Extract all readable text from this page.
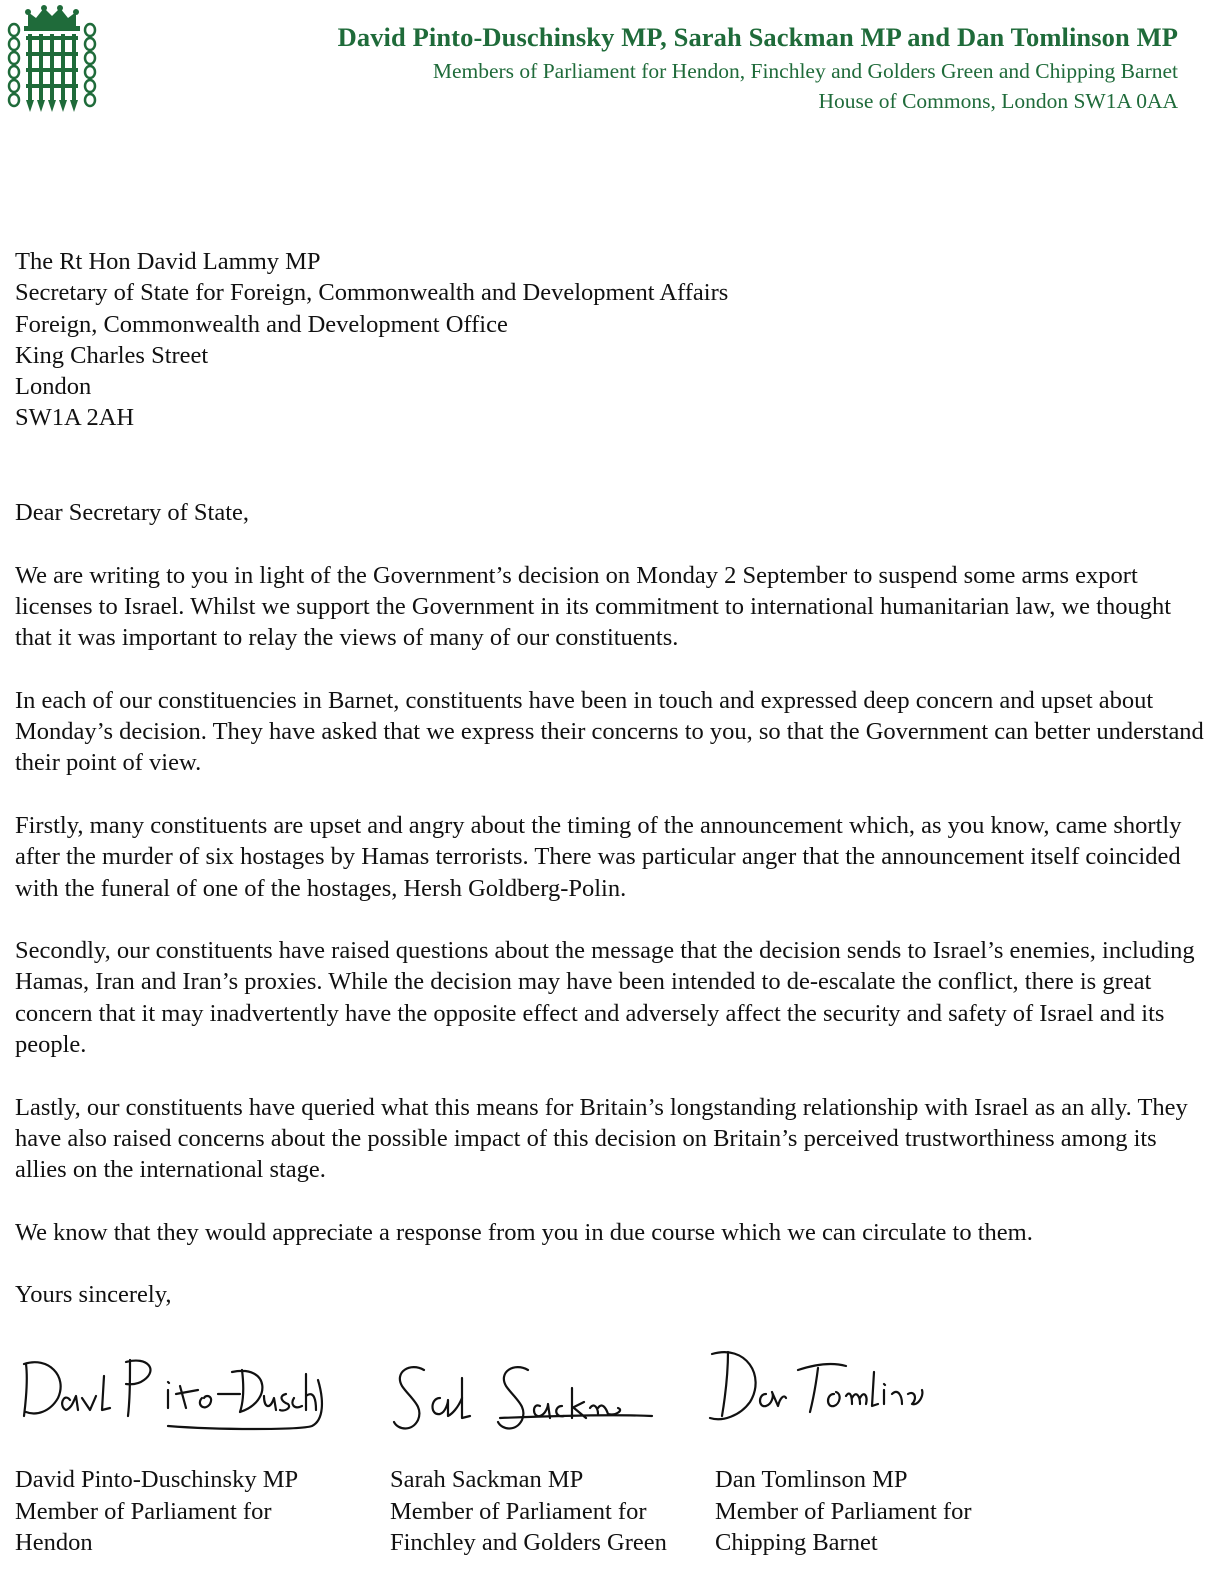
David Pinto-Duschinsky MP, Sarah Sackman MP and Dan Tomlinson MP
Members of Parliament for Hendon, Finchley and Golders Green and Chipping Barnet
House of Commons, London SW1A 0AA
The Rt Hon David Lammy MP
Secretary of State for Foreign, Commonwealth and Development Affairs
Foreign, Commonwealth and Development Office
King Charles Street
London
SW1A 2AH

Dear Secretary of State,

We are writing to you in light of the Government’s decision on Monday 2 September to suspend some arms export licenses to Israel. Whilst we support the Government in its commitment to international humanitarian law, we thought that it was important to relay the views of many of our constituents.

In each of our constituencies in Barnet, constituents have been in touch and expressed deep concern and upset about Monday’s decision. They have asked that we express their concerns to you, so that the Government can better understand their point of view.

Firstly, many constituents are upset and angry about the timing of the announcement which, as you know, came shortly after the murder of six hostages by Hamas terrorists. There was particular anger that the announcement itself coincided with the funeral of one of the hostages, Hersh Goldberg-Polin.

Secondly, our constituents have raised questions about the message that the decision sends to Israel’s enemies, including Hamas, Iran and Iran’s proxies. While the decision may have been intended to de-escalate the conflict, there is great concern that it may inadvertently have the opposite effect and adversely affect the security and safety of Israel and its people.

Lastly, our constituents have queried what this means for Britain’s longstanding relationship with Israel as an ally. They have also raised concerns about the possible impact of this decision on Britain’s perceived trustworthiness among its allies on the international stage.

We know that they would appreciate a response from you in due course which we can circulate to them.

Yours sincerely,

David Pinto-Duschinsky MP
Member of Parliament for
Hendon
Sarah Sackman MP
Member of Parliament for
Finchley and Golders Green
Dan Tomlinson MP
Member of Parliament for
Chipping Barnet
